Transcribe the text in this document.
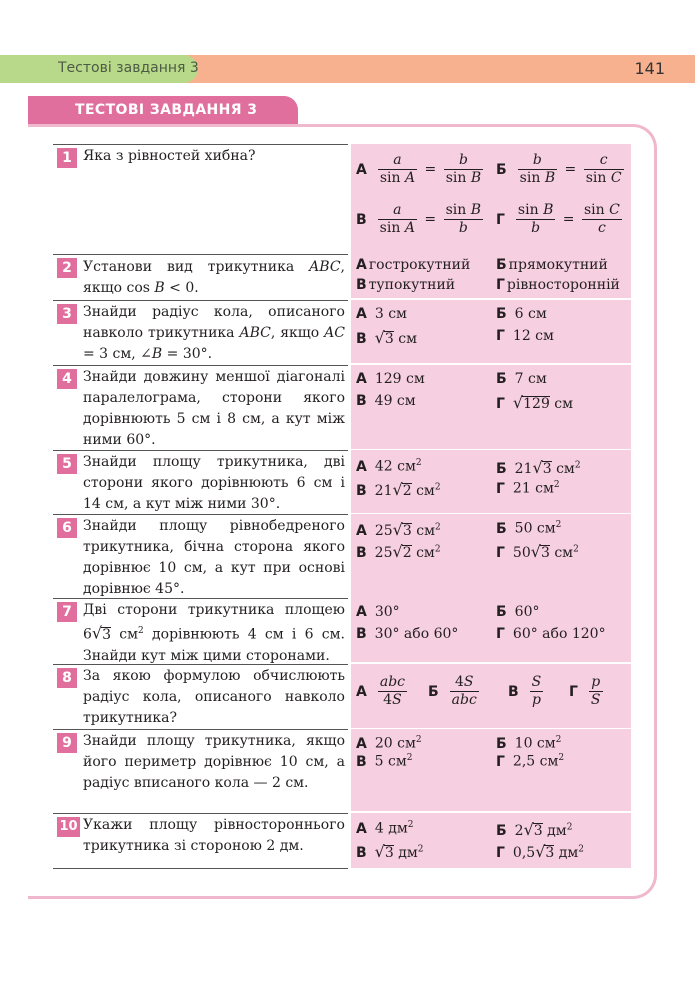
Тестові завдання 3	141
ТЕСТОВІ ЗАВДАННЯ 3
1 Яка з рівностей хибна?
А $\frac{a}{\text{sin A}} = \frac{b}{\text{sin B}}$ Б $\frac{b}{\text{sin B}} = \frac{c}{\text{sin C}}$
В $\frac{a}{\text{sin A}} = \frac{\text{sin B}}{b}$ Г $\frac{\text{sin B}}{b} = \frac{\text{sin C}}{c}$
2 Установи вид трикутника ABC, якщо cos B < 0.
А гострокутний Б прямокутний
В тупокутний	Г рівносторонній
3 Знайди радіус кола, описаного навколо трикутника ABC, якщо AC = 3 см, ∠B = 30°.
А 3 см	Б 6 см
В √3 см	Г 12 см
4 Знайди довжину меншої діагоналі паралелограма, сторони якого дорівнюють 5 см і 8 см, а кут між ними 60°.
А 129 см	Б 7 см
В 49 см	Г √129 см
5 Знайди площу трикутника, дві сторони якого дорівнюють 6 см і 14 см, а кут між ними 30°.
А 42 $см^2$	Б 21√3 $см^2$
В 21√2 $см^2$	Г 21 $см^2$
6 Знайди площу рівнобедреного трикутника, бічна сторона якого дорівнює 10 см, а кут при основі дорівнює 45°.
А 25√3 $см^2$	Б 50 $см^2$
В 25√2 $см^2$	Г 50√3 $см^2$
7 Дві сторони трикутника площею 6√3 $см^2$ дорівнюють 4 см і 6 см. Знайди кут між цими сторонами.
А 30°	Б 60°
В 30° або 60°	Г 60° або 120°
8 За якою формулою обчислюють радіус кола, описаного навколо трикутника?
А $\frac{\text{abc}}{4S}$ Б $\frac{4S}{\text{abc}}$ В $\frac{S}{p}$ Г $\frac{p}{S}$
9 Знайди площу трикутника, якщо його периметр дорівнює 10 см, а радіус вписаного кола — 2 см.
А 20 $см^2$	Б 10 $см^2$
В 5 $см^2$	Г 2,5 $см^2$
10 Укажи площу рівностороннього трикутника зі стороною 2 дм.
А 4 $дм^2$	Б 2√3 $дм^2$
В √3 $дм^2$	Г 0,5√3 $дм^2$
